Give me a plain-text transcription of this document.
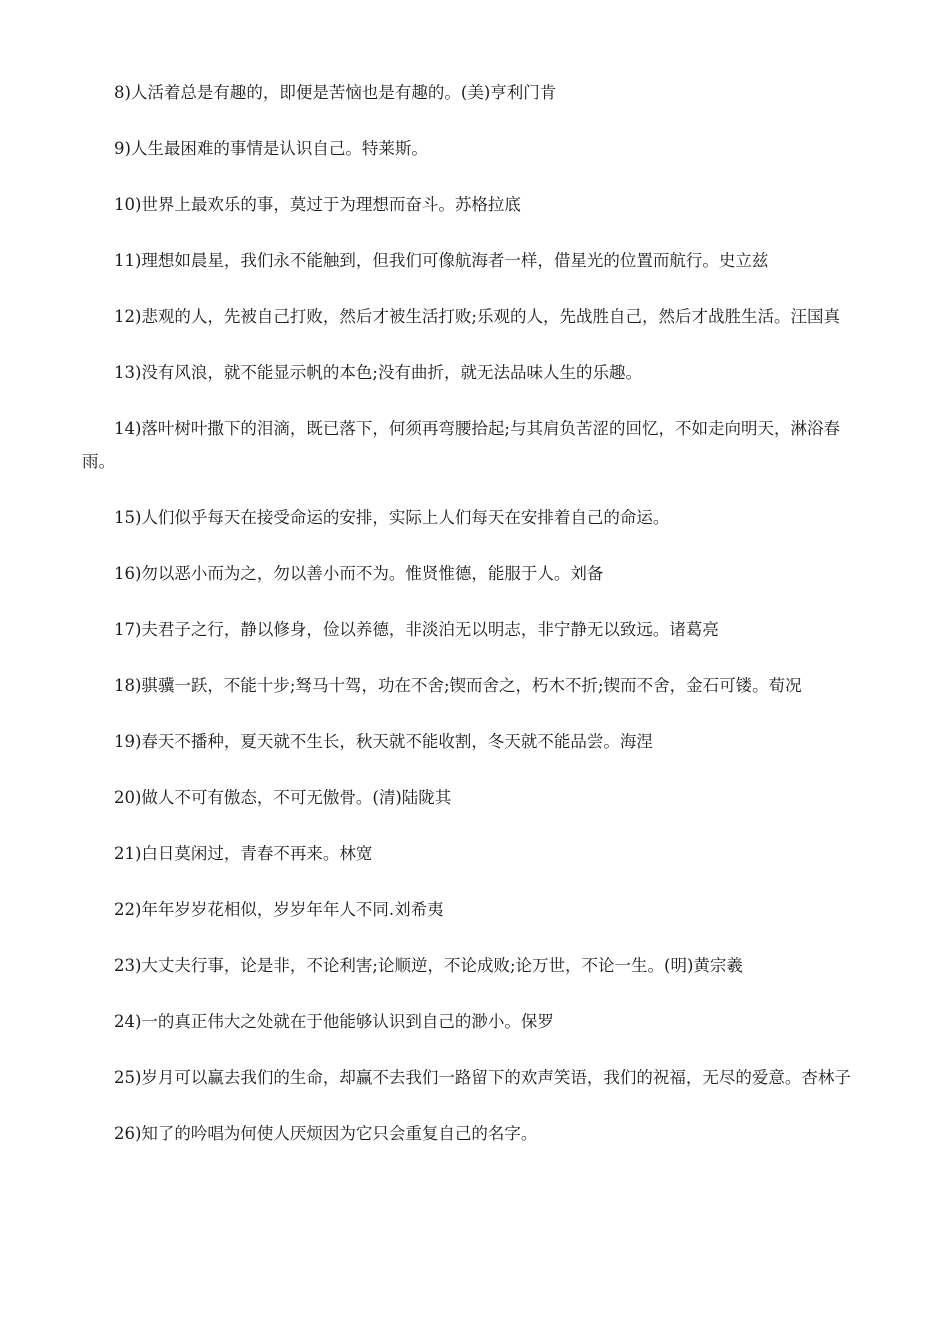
8)人活着总是有趣的，即便是苦恼也是有趣的。(美)亨利门肯

9)人生最困难的事情是认识自己。特莱斯。

10)世界上最欢乐的事，莫过于为理想而奋斗。苏格拉底

11)理想如晨星，我们永不能触到，但我们可像航海者一样，借星光的位置而航行。史立兹

12)悲观的人，先被自己打败，然后才被生活打败;乐观的人，先战胜自己，然后才战胜生活。汪国真

13)没有风浪，就不能显示帆的本色;没有曲折，就无法品味人生的乐趣。

14)落叶树叶撒下的泪滴，既已落下，何须再弯腰拾起;与其肩负苦涩的回忆，不如走向明天，淋浴春雨。

15)人们似乎每天在接受命运的安排，实际上人们每天在安排着自己的命运。

16)勿以恶小而为之，勿以善小而不为。惟贤惟德，能服于人。刘备

17)夫君子之行，静以修身，俭以养德，非淡泊无以明志，非宁静无以致远。诸葛亮

18)骐骥一跃，不能十步;驽马十驾，功在不舍;锲而舍之，朽木不折;锲而不舍，金石可镂。荀况

19)春天不播种，夏天就不生长，秋天就不能收割，冬天就不能品尝。海涅

20)做人不可有傲态，不可无傲骨。(清)陆陇其

21)白日莫闲过，青春不再来。林宽

22)年年岁岁花相似，岁岁年年人不同.刘希夷

23)大丈夫行事，论是非，不论利害;论顺逆，不论成败;论万世，不论一生。(明)黄宗羲

24)一的真正伟大之处就在于他能够认识到自己的渺小。保罗

25)岁月可以赢去我们的生命，却赢不去我们一路留下的欢声笑语，我们的祝福，无尽的爱意。杏林子

26)知了的吟唱为何使人厌烦因为它只会重复自己的名字。
